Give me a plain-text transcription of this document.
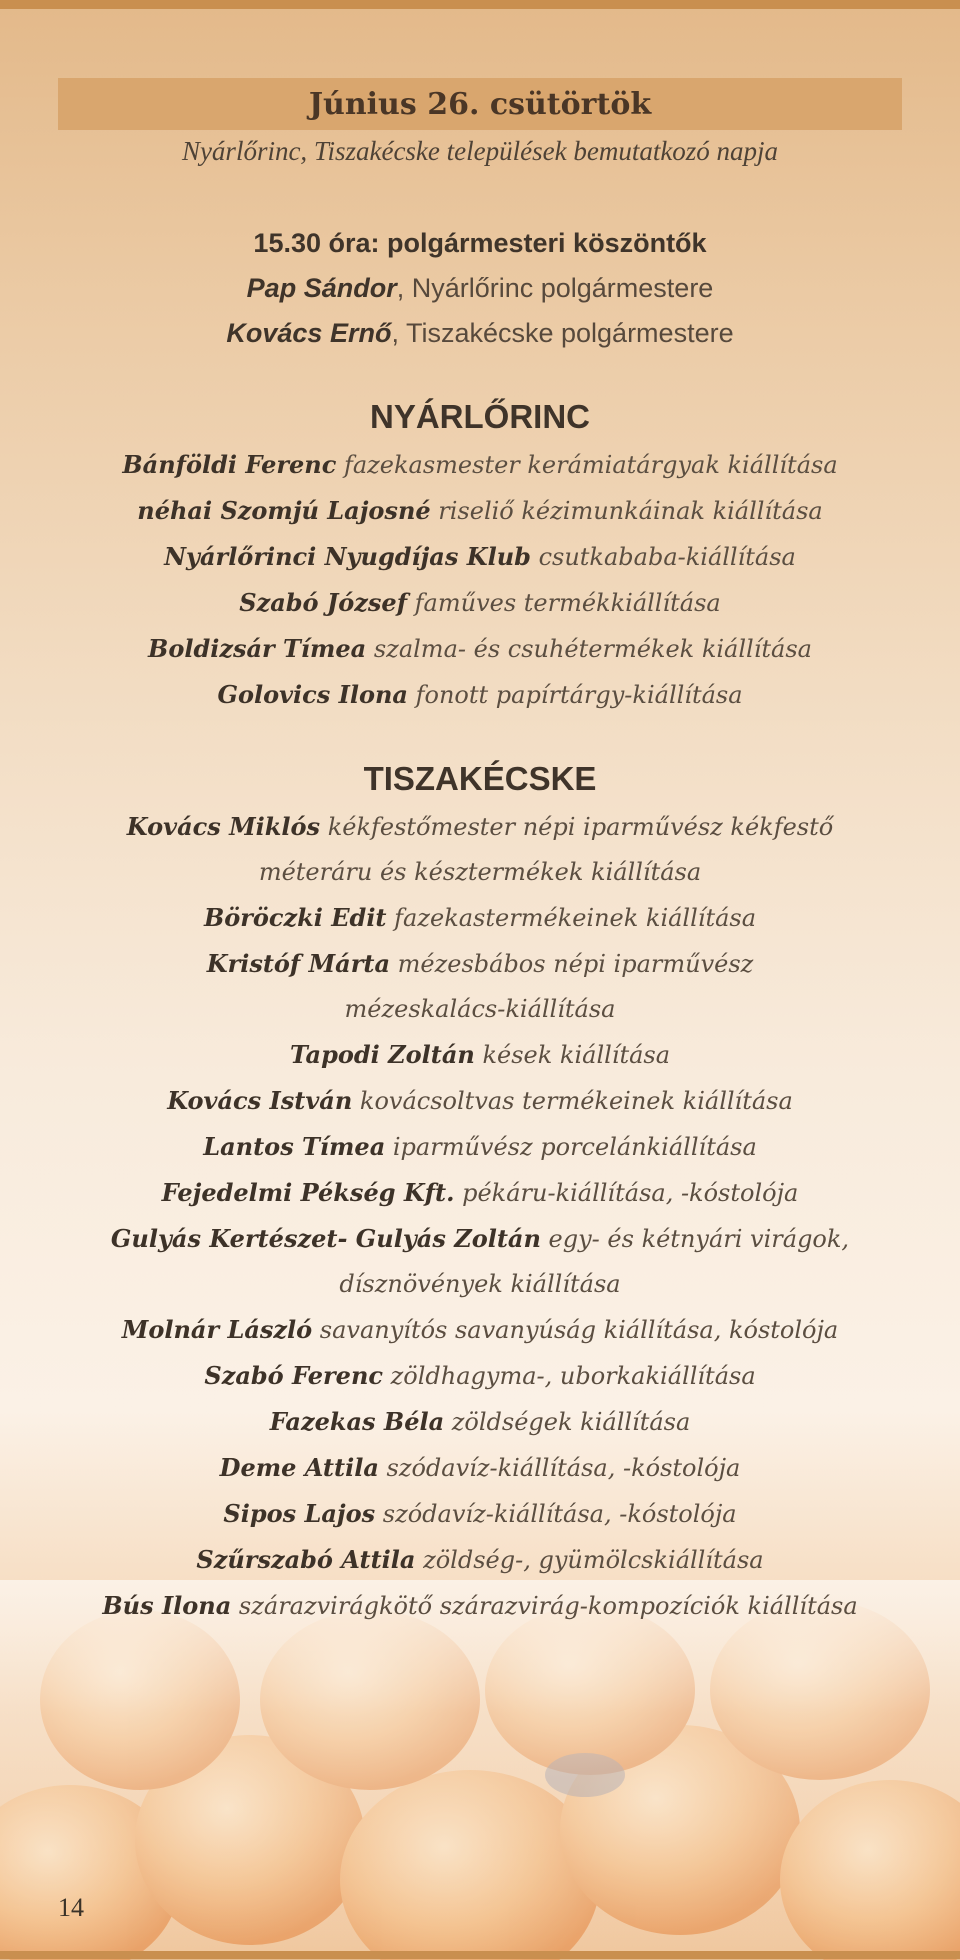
Június 26. csütörtök
Nyárlőrinc, Tiszakécske települések bemutatkozó napja
15.30 óra: polgármesteri köszöntők
Pap Sándor, Nyárlőrinc polgármestere
Kovács Ernő, Tiszakécske polgármestere
NYÁRLŐRINC
Bánföldi Ferenc fazekasmester kerámiatárgyak kiállítása
néhai Szomjú Lajosné riseliő kézimunkáinak kiállítása
Nyárlőrinci Nyugdíjas Klub csutkababa-kiállítása
Szabó József faműves termékkiállítása
Boldizsár Tímea szalma- és csuhétermékek kiállítása
Golovics Ilona fonott papírtárgy-kiállítása
TISZAKÉCSKE
Kovács Miklós kékfestőmester népi iparművész kékfestő
méteráru és késztermékek kiállítása
Böröczki Edit fazekastermékeinek kiállítása
Kristóf Márta mézesbábos népi iparművész
mézeskalács-kiállítása
Tapodi Zoltán kések kiállítása
Kovács István kovácsoltvas termékeinek kiállítása
Lantos Tímea iparművész porcelánkiállítása
Fejedelmi Pékség Kft. pékáru-kiállítása, -kóstolója
Gulyás Kertészet- Gulyás Zoltán egy- és kétnyári virágok,
dísznövények kiállítása
Molnár László savanyítós savanyúság kiállítása, kóstolója
Szabó Ferenc zöldhagyma-, uborkakiállítása
Fazekas Béla zöldségek kiállítása
Deme Attila szódavíz-kiállítása, -kóstolója
Sipos Lajos szódavíz-kiállítása, -kóstolója
Szűrszabó Attila zöldség-, gyümölcskiállítása
Bús Ilona szárazvirágkötő szárazvirág-kompozíciók kiállítása
14
